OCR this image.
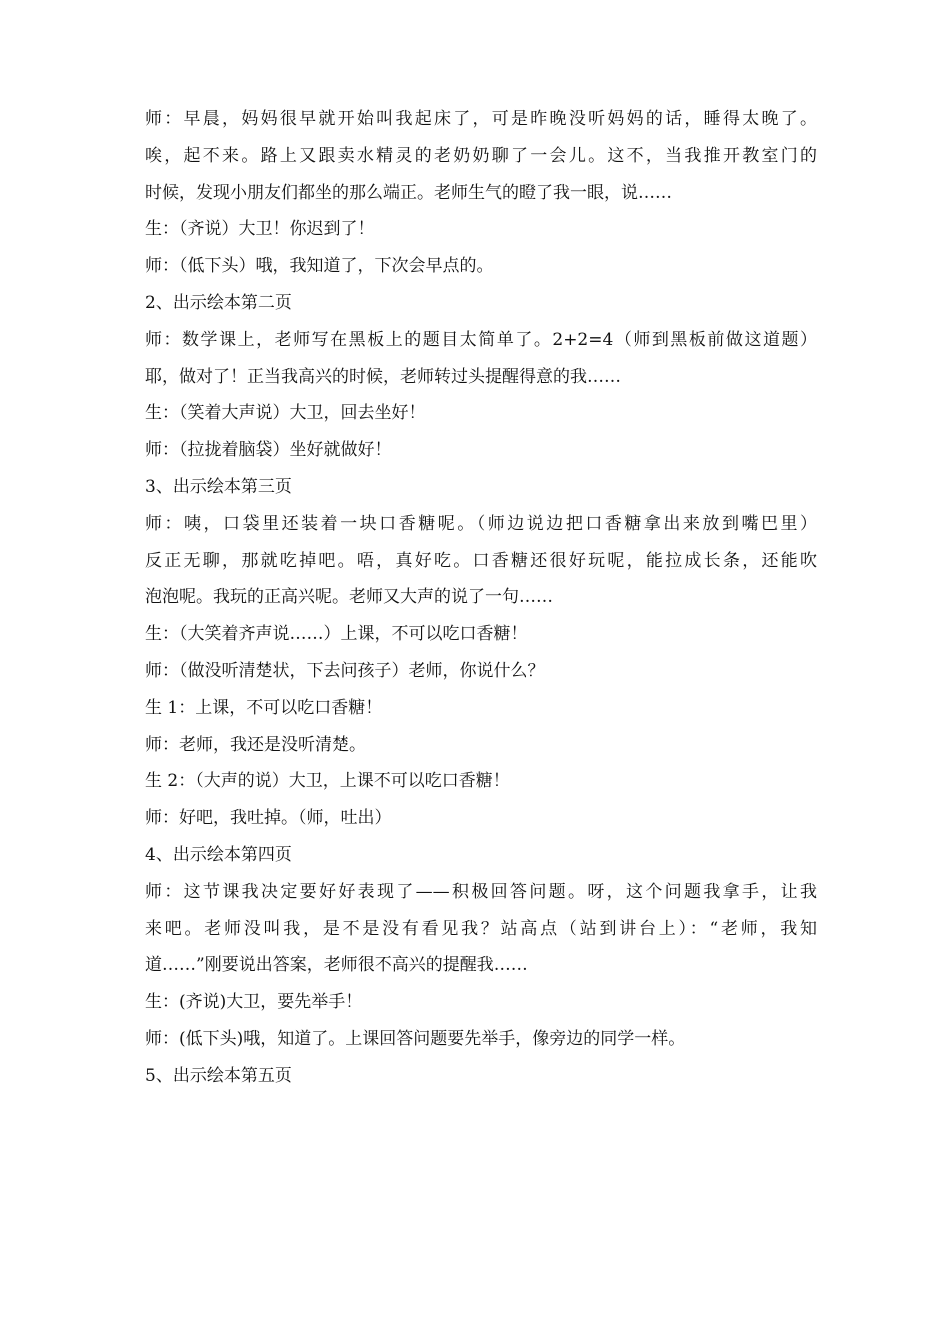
师：早晨，妈妈很早就开始叫我起床了，可是昨晚没听妈妈的话，睡得太晚了。
唉，起不来。路上又跟卖水精灵的老奶奶聊了一会儿。这不，当我推开教室门的
时候，发现小朋友们都坐的那么端正。老师生气的瞪了我一眼，说……
生：（齐说）大卫！你迟到了！
师：（低下头）哦，我知道了，下次会早点的。
2、出示绘本第二页
师：数学课上，老师写在黑板上的题目太简单了。2+2=4（师到黑板前做这道题）
耶，做对了！正当我高兴的时候，老师转过头提醒得意的我……
生：（笑着大声说）大卫，回去坐好！
师：（拉拢着脑袋）坐好就做好！
3、出示绘本第三页
师：咦，口袋里还装着一块口香糖呢。（师边说边把口香糖拿出来放到嘴巴里）
反正无聊，那就吃掉吧。唔，真好吃。口香糖还很好玩呢，能拉成长条，还能吹
泡泡呢。我玩的正高兴呢。老师又大声的说了一句……
生：（大笑着齐声说……）上课，不可以吃口香糖！
师：（做没听清楚状，下去问孩子）老师，你说什么？
生 1：上课，不可以吃口香糖！
师：老师，我还是没听清楚。
生 2：（大声的说）大卫，上课不可以吃口香糖！
师：好吧，我吐掉。（师，吐出）
4、出示绘本第四页
师：这节课我决定要好好表现了——积极回答问题。呀，这个问题我拿手，让我
来吧。老师没叫我，是不是没有看见我？站高点（站到讲台上）：“老师，我知
道……”刚要说出答案，老师很不高兴的提醒我……
生：(齐说)大卫，要先举手！
师：(低下头)哦，知道了。上课回答问题要先举手，像旁边的同学一样。
5、出示绘本第五页
